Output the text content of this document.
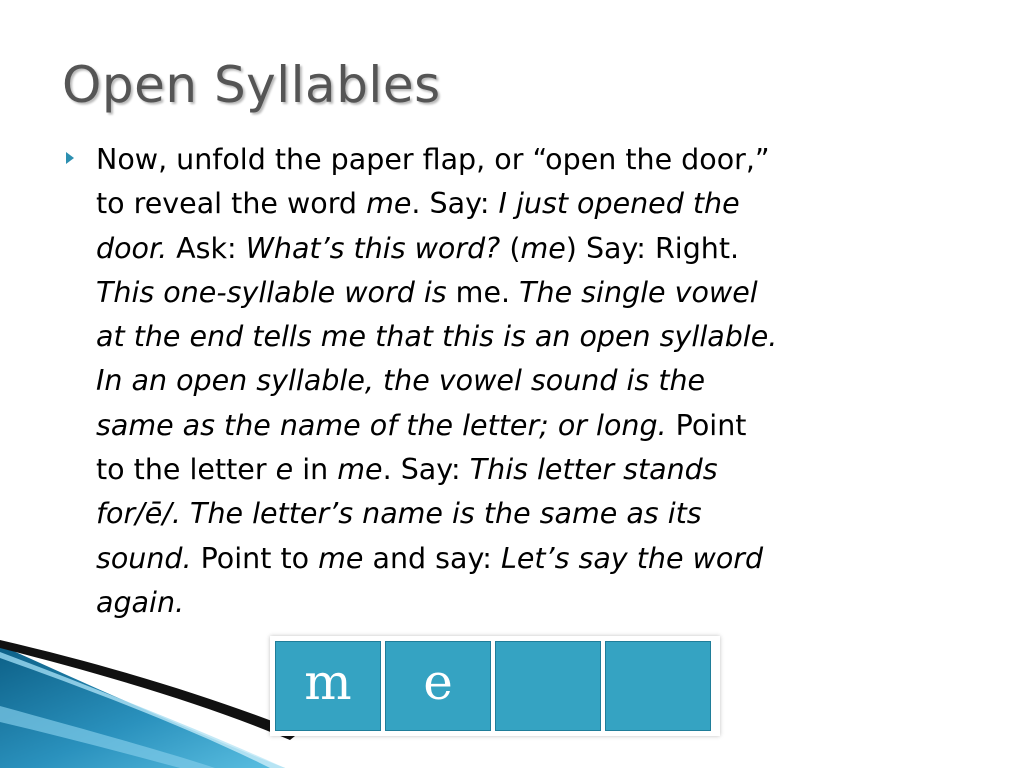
Open Syllables
Now, unfold the paper flap, or “open the door,”
to reveal the word me. Say: I just opened the
door. Ask: What’s this word? (me) Say: Right.
This one-syllable word is me. The single vowel
at the end tells me that this is an open syllable.
In an open syllable, the vowel sound is the
same as the name of the letter; or long. Point
to the letter e in me. Say: This letter stands
for/ē/. The letter’s name is the same as its
sound. Point to me and say: Let’s say the word
again.
m	e
